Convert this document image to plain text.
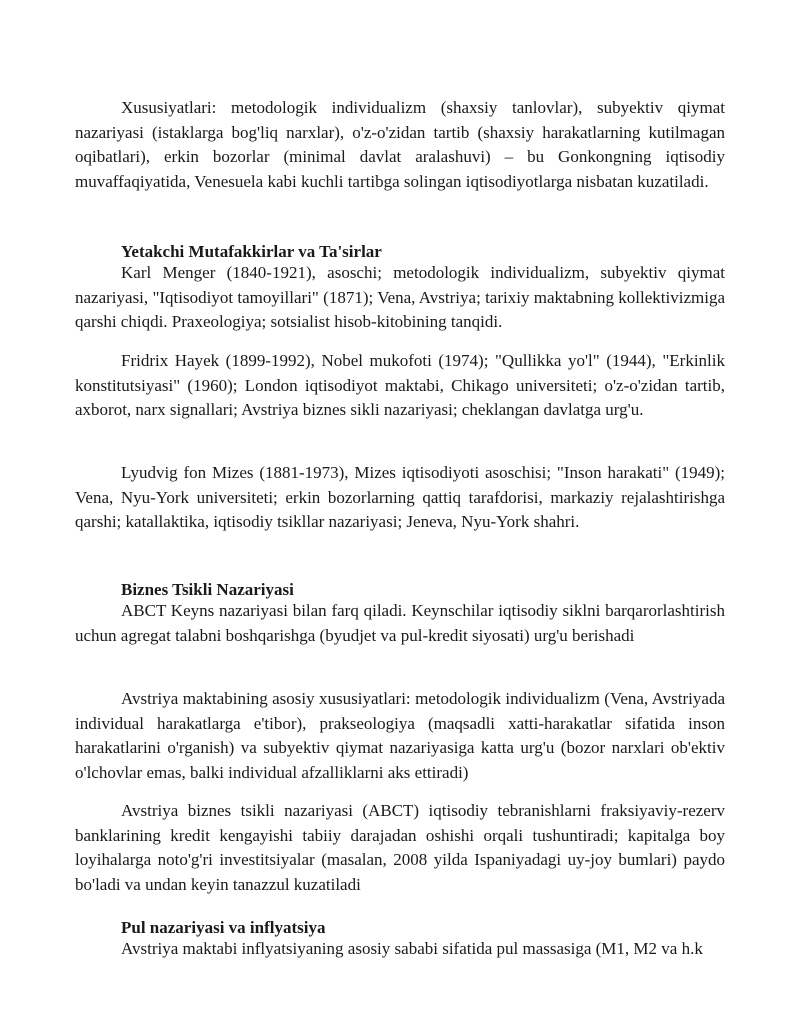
Xususiyatlari: metodologik individualizm (shaxsiy tanlovlar), subyektiv qiymat nazariyasi (istaklarga bog'liq narxlar), o'z-o'zidan tartib (shaxsiy harakatlarning kutilmagan oqibatlari), erkin bozorlar (minimal davlat aralashuvi) – bu Gonkongning iqtisodiy muvaffaqiyatida, Venesuela kabi kuchli tartibga solingan iqtisodiyotlarga nisbatan kuzatiladi.

Yetakchi Mutafakkirlar va Ta'sirlar

Karl Menger (1840-1921), asoschi; metodologik individualizm, subyektiv qiymat nazariyasi, "Iqtisodiyot tamoyillari" (1871); Vena, Avstriya; tarixiy maktabning kollektivizmiga qarshi chiqdi. Praxeologiya; sotsialist hisob-kitobining tanqidi.

Fridrix Hayek (1899-1992), Nobel mukofoti (1974); "Qullikka yo'l" (1944), "Erkinlik konstitutsiyasi" (1960); London iqtisodiyot maktabi, Chikago universiteti; o'z-o'zidan tartib, axborot, narx signallari; Avstriya biznes sikli nazariyasi; cheklangan davlatga urg'u.

Lyudvig fon Mizes (1881-1973), Mizes iqtisodiyoti asoschisi; "Inson harakati" (1949); Vena, Nyu-York universiteti; erkin bozorlarning qattiq tarafdorisi, markaziy rejalashtirishga qarshi; katallaktika, iqtisodiy tsikllar nazariyasi; Jeneva, Nyu-York shahri.

Biznes Tsikli Nazariyasi

ABCT Keyns nazariyasi bilan farq qiladi. Keynschilar iqtisodiy siklni barqarorlashtirish uchun agregat talabni boshqarishga (byudjet va pul-kredit siyosati) urg'u berishadi

Avstriya maktabining asosiy xususiyatlari: metodologik individualizm (Vena, Avstriyada individual harakatlarga e'tibor), prakseologiya (maqsadli xatti-harakatlar sifatida inson harakatlarini o'rganish) va subyektiv qiymat nazariyasiga katta urg'u (bozor narxlari ob'ektiv o'lchovlar emas, balki individual afzalliklarni aks ettiradi)

Avstriya biznes tsikli nazariyasi (ABCT) iqtisodiy tebranishlarni fraksiyaviy-rezerv banklarining kredit kengayishi tabiiy darajadan oshishi orqali tushuntiradi; kapitalga boy loyihalarga noto'g'ri investitsiyalar (masalan, 2008 yilda Ispaniyadagi uy-joy bumlari) paydo bo'ladi va undan keyin tanazzul kuzatiladi

Pul nazariyasi va inflyatsiya

Avstriya maktabi inflyatsiyaning asosiy sababi sifatida pul massasiga (M1, M2 va h.k
